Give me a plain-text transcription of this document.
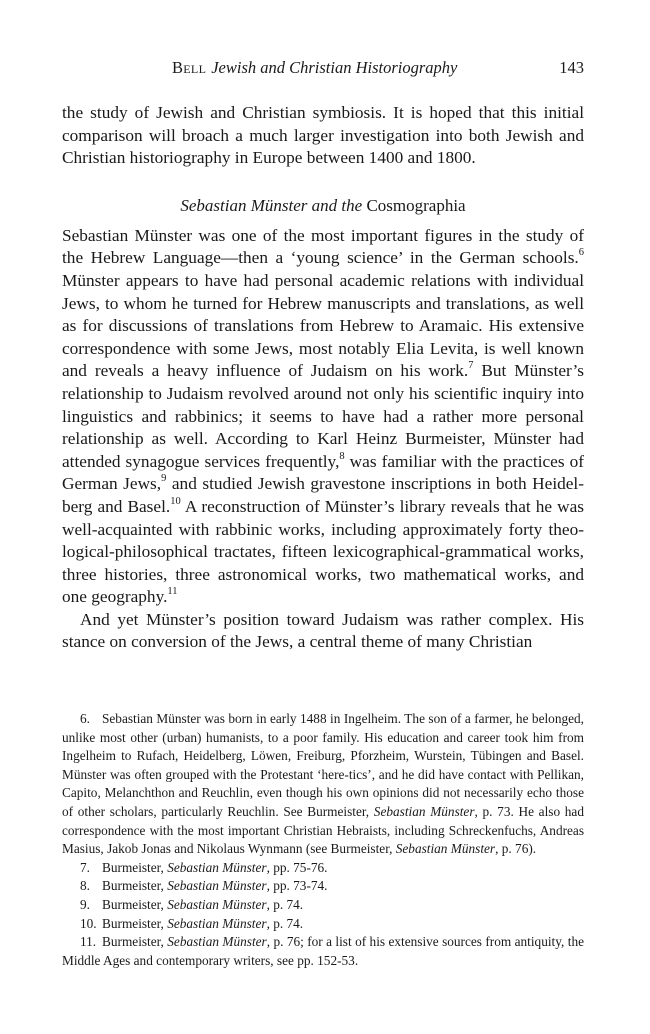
Bell Jewish and Christian Historiography	143

the study of Jewish and Christian symbiosis. It is hoped that this initial comparison will broach a much larger investigation into both Jewish and Christian historiography in Europe between 1400 and 1800.

Sebastian Münster and the Cosmographia

Sebastian Münster was one of the most important figures in the study of the Hebrew Language—then a ‘young science’ in the German schools.$^6$ Münster appears to have had personal academic relations with individual Jews, to whom he turned for Hebrew manuscripts and translations, as well as for discussions of translations from Hebrew to Aramaic. His extensive correspondence with some Jews, most notably Elia Levita, is well known and reveals a heavy influence of Judaism on his work.$^7$ But Münster’s relationship to Judaism revolved around not only his scientific inquiry into linguistics and rabbinics; it seems to have had a rather more personal relationship as well. According to Karl Heinz Burmeister, Münster had attended synagogue services frequently,$^8$ was familiar with the practices of German Jews,$^9$ and studied Jewish gravestone inscriptions in both Heidel-berg and Basel.$^{10}$ A reconstruction of Münster’s library reveals that he was well-acquainted with rabbinic works, including approximately forty theo-logical-philosophical tractates, fifteen lexicographical-grammatical works, three histories, three astronomical works, two mathematical works, and one geography.$^{11}$

And yet Münster’s position toward Judaism was rather complex. His stance on conversion of the Jews, a central theme of many Christian

6. Sebastian Münster was born in early 1488 in Ingelheim. The son of a farmer, he belonged, unlike most other (urban) humanists, to a poor family. His education and career took him from Ingelheim to Rufach, Heidelberg, Löwen, Freiburg, Pforzheim, Wurstein, Tübingen and Basel. Münster was often grouped with the Protestant ‘here-tics’, and he did have contact with Pellikan, Capito, Melanchthon and Reuchlin, even though his own opinions did not necessarily echo those of other scholars, particularly Reuchlin. See Burmeister, Sebastian Münster, p. 73. He also had correspondence with the most important Christian Hebraists, including Schreckenfuchs, Andreas Masius, Jakob Jonas and Nikolaus Wynmann (see Burmeister, Sebastian Münster, p. 76).

7. Burmeister, Sebastian Münster, pp. 75-76.

8. Burmeister, Sebastian Münster, pp. 73-74.

9. Burmeister, Sebastian Münster, p. 74.

10. Burmeister, Sebastian Münster, p. 74.

11. Burmeister, Sebastian Münster, p. 76; for a list of his extensive sources from antiquity, the Middle Ages and contemporary writers, see pp. 152-53.
